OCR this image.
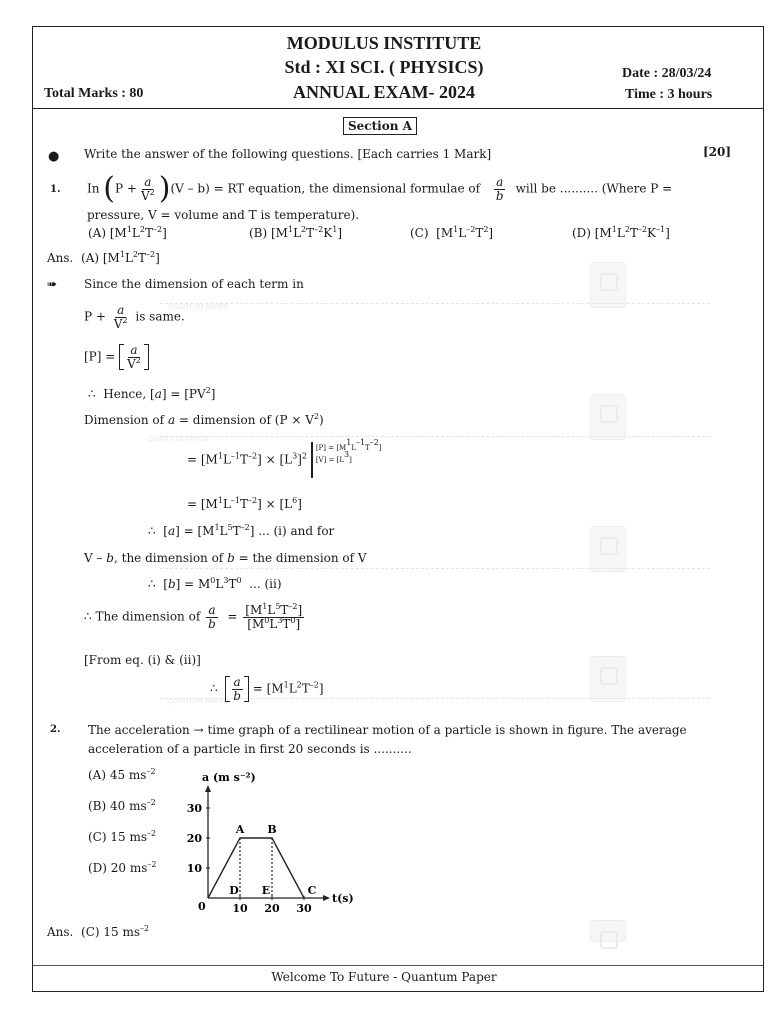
QUANTUM PAPER
QUANTUM PAPER
QUANTUM PAPER
MODULUS INSTITUTE
Std : XI SCI. ( PHYSICS)
ANNUAL EXAM- 2024
Total Marks : 80
Date : 28/03/24
Time : 3 hours
Section A
● Write the answer of the following questions. [Each carries 1 Mark]	[20]
1. In $(P + \frac{a}{V^2} )(V - b)$ = RT equation, the dimensional formulae of $\frac{a}{b}$ will be .......... (Where P =
pressure, V = volume and T is temperature).
(A) $[M^1L^2T^{-2}]$	(B) $[M^1L^2T^{-2}K^1]$	(C)  $[M^1L^{-2}T^2]$	(D) $[M^1L^2T^{-2}K^{-1}]$
Ans. (A) $[M^1L^2T^{-2}]$
➠ Since the dimension of each term in
$P + \frac{a}{V^2}$ is same.
$[P] = \frac{a}{V^2}$
∴  Hence, $[a] = [PV^2]$
Dimension of a = dimension of $(P \times V^2)$
= $[M^1L^{-1}T^{-2}] \times [L^3]^2$ $[P] = [M^1L^{-1}T^{-2}]$
$[V] = [L^3]$

= $[M^1L^{-1}T^{-2}] \times [L^6]$
∴  $[a] = [M^1L^5T^{-2}]$ ... (i) and for
V – b, the dimension of b = the dimension of V
∴  $[b] = M^0L^3T^0$ ... (ii)
∴ The dimension of $\frac{a}{b} = \frac{[M^1L^5T^{-2}]}{[M^0L^3T^0]}$
[From eq. (i) & (ii)]
∴ $\frac{a}{b} = [M^1L^2T^{-2}]$
2. The acceleration → time graph of a rectilinear motion of a particle is shown in figure. The average
acceleration of a particle in first 20 seconds is ..........
(A) 45 $ms^{-2}$
(B) 40 $ms^{-2}$
(C) 15 $ms^{-2}$
(D) 20 $ms^{-2}$
a (m s⁻²)
t(s)
0 10 20 30
10
20
30
A B
C
D E
Ans. (C) 15 $ms^{-2}$
Welcome To Future - Quantum Paper
